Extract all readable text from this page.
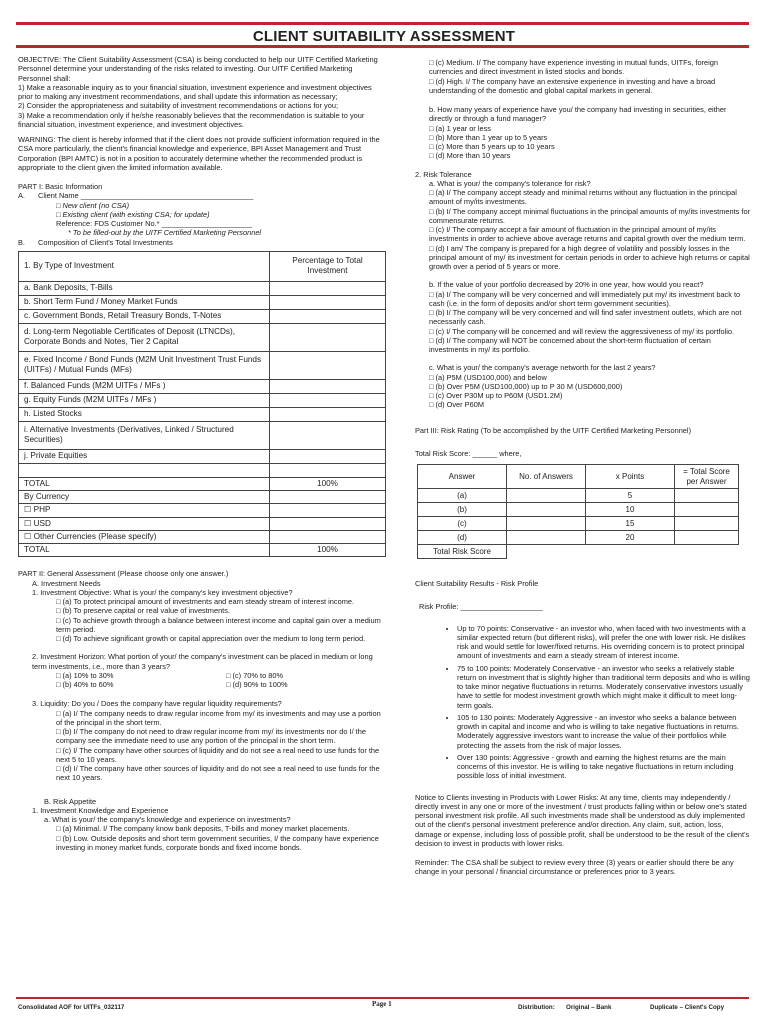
CLIENT SUITABILITY ASSESSMENT

OBJECTIVE: The Client Suitability Assessment (CSA) is being conducted to help our UITF Certified Marketing Personnel determine your understanding of the risks related to investing. Our UITF Certified Marketing Personnel shall:

1) Make a reasonable inquiry as to your financial situation, investment experience and investment objectives prior to making any investment recommendations, and shall update this information as necessary;

2) Consider the appropriateness and suitability of investment recommendations or actions for you;

3) Make a recommendation only if he/she reasonably believes that the recommendation is suitable to your financial situation, investment experience, and investment objectives.

WARNING: The client is hereby informed that if the client does not provide sufficient information required in the CSA more particularly, the client's financial knowledge and experience, BPI Asset Management and Trust Corporation (BPI AMTC) is not in a position to accurately determine whether the recommended product is appropriate to the client given the limited information available.

PART I: Basic Information

A. Client Name __________________________________________

□ New client (no CSA)

□ Existing client (with existing CSA; for update)

Reference: FDS Customer No.* ______________________

* To be filled-out by the UITF Certified Marketing Personnel

B. Composition of Client's Total Investments

1. By Type of Investment	Percentage to Total Investment
a. Bank Deposits, T-Bills	
b. Short Term Fund / Money Market Funds	
c. Government Bonds, Retail Treasury Bonds, T-Notes	
d. Long-term Negotiable Certificates of Deposit (LTNCDs), Corporate Bonds and Notes, Tier 2 Capital	
e. Fixed Income / Bond Funds (M2M Unit Investment Trust Funds (UITFs) / Mutual Funds (MFs)	
f. Balanced Funds (M2M UITFs / MFs )	
g. Equity Funds (M2M UITFs / MFs )	
h. Listed Stocks	
i. Alternative Investments (Derivatives, Linked / Structured Securities)	
j. Private Equities	

TOTAL	100%
By Currency	
☐ PHP	
☐ USD	
☐ Other Currencies (Please specify)	
TOTAL	100%

PART II: General Assessment (Please choose only one answer.)

A. Investment Needs

1. Investment Objective: What is your/ the company's key investment objective?

□ (a) To protect principal amount of investments and earn steady stream of interest income.

□ (b) To preserve capital or real value of investments.

□ (c) To achieve growth through a balance between interest income and capital gain over a medium term period.

□ (d) To achieve significant growth or capital appreciation over the medium to long term period.

2. Investment Horizon: What portion of your/ the company's investment can be placed in medium or long term investments, i.e., more than 3 years?

□ (a) 10% to 30%	□ (c) 70% to 80%
□ (b) 40% to 60%	□ (d) 90% to 100%

3. Liquidity: Do you / Does the company have regular liquidity requirements?

□ (a) I/ The company needs to draw regular income from my/ its investments and may use a portion of the principal in the short term.

□ (b) I/ The company do not need to draw regular income from my/ its investments nor do I/ the company see the immediate need to use any portion of the principal in the short term.

□ (c) I/ The company have other sources of liquidity and do not see a real need to use funds for the next 5 to 10 years.

□ (d) I/ The company have other sources of liquidity and do not see a real need to use funds for the next 10 years.

B. Risk Appetite

1. Investment Knowledge and Experience

a. What is your/ the company's knowledge and experience on investments?

□ (a) Minimal. I/ The company know bank deposits, T-bills and money market placements.

□ (b) Low. Outside deposits and short term government securities, I/ the company have experience investing in money market funds, corporate bonds and fixed income bonds.

□ (c) Medium. I/ The company have experience investing in mutual funds, UITFs, foreign currencies and direct investment in listed stocks and bonds.

□ (d) High. I/ The company have an extensive experience in investing and have a broad understanding of the domestic and global capital markets in general.

b. How many years of experience have you/ the company had investing in securities, either directly or through a fund manager?

□ (a) 1 year or less

□ (b) More than 1 year up to 5 years

□ (c) More than 5 years up to 10 years

□ (d) More than 10 years

2. Risk Tolerance

a. What is your/ the company's tolerance for risk?

□ (a) I/ The company accept steady and minimal returns without any fluctuation in the principal amount of my/its investments.

□ (b) I/ The company accept minimal fluctuations in the principal amounts of my/its investments for commensurate returns.

□ (c) I/ The company accept a fair amount of fluctuation in the principal amount of my/its investments in order to achieve above average returns and capital growth over the medium term.

□ (d) I am/ The company is prepared for a high degree of volatility and possibly losses in the principal amount of my/ its investment for certain periods in order to achieve high returns or capital growth over a period of 5 years or more.

b. If the value of your portfolio decreased by 20% in one year, how would you react?

□ (a) I/ The company will be very concerned and will immediately put my/ its investment back to cash (i.e. in the form of deposits and/or short term government securities).

□ (b) I/ The company will be very concerned and will find safer investment outlets, which are not necessarily cash.

□ (c) I/ The company will be concerned and will review the aggressiveness of my/ its portfolio.

□ (d) I/ The company will NOT be concerned about the short-term fluctuation of certain investments in my/ its portfolio.

c. What is your/ the company's average networth for the last 2 years?

□ (a) P5M (USD100,000) and below

□ (b) Over P5M (USD100,000) up to P 30 M (USD600,000)

□ (c) Over P30M up to P60M (USD1.2M)

□ (d) Over P60M

Part III: Risk Rating (To be accomplished by the UITF Certified Marketing Personnel)

Total Risk Score: ______ where,

Answer	No. of Answers	x Points	= Total Score per Answer
(a)		5	
(b)		10	
(c)		15	
(d)		20	
Total Risk Score			

Client Suitability Results - Risk Profile

Risk Profile: ____________________

• Up to 70 points: Conservative - an investor who, when faced with two investments with a similar expected return (but different risks), will prefer the one with lower risk. He dislikes risk and would settle for lower/fixed returns. His overriding concern is to protect principal amount of investments and earn a steady stream of interest income.
• 75 to 100 points: Moderately Conservative - an investor who seeks a relatively stable return on investment that is slightly higher than traditional term deposits and who is willing to take minor negative fluctuations in returns. Moderately conservative investors usually have to settle for modest investment growth which might make it difficult to meet long-term goals.
• 105 to 130 points: Moderately Aggressive - an investor who seeks a balance between growth in capital and income and who is willing to take negative fluctuations in returns. Moderately aggressive investors want to increase the value of their portfolios while protecting the assets from the risk of major losses.
• Over 130 points: Aggressive - growth and earning the highest returns are the main concerns of this investor. He is willing to take negative fluctuations in return including possible loss of initial investment.

Notice to Clients investing in Products with Lower Risks: At any time, clients may independently / directly invest in any one or more of the investment / trust products falling within or below one's stated personal investment risk profile. All such investments made shall be understood as duly implemented out of the client's personal investment preference and/or direction. Any claim, suit, action, loss, damage or expense, including loss of possible profit, shall be understood to be the result of the client's decision to invest in products with lower risks.

Reminder: The CSA shall be subject to review every three (3) years or earlier should there be any change in your personal / financial circumstance or preferences prior to 3 years.

Consolidated AOF for UITFs_032117	Page 1	Distribution: Original – Bank	Duplicate – Client's Copy
